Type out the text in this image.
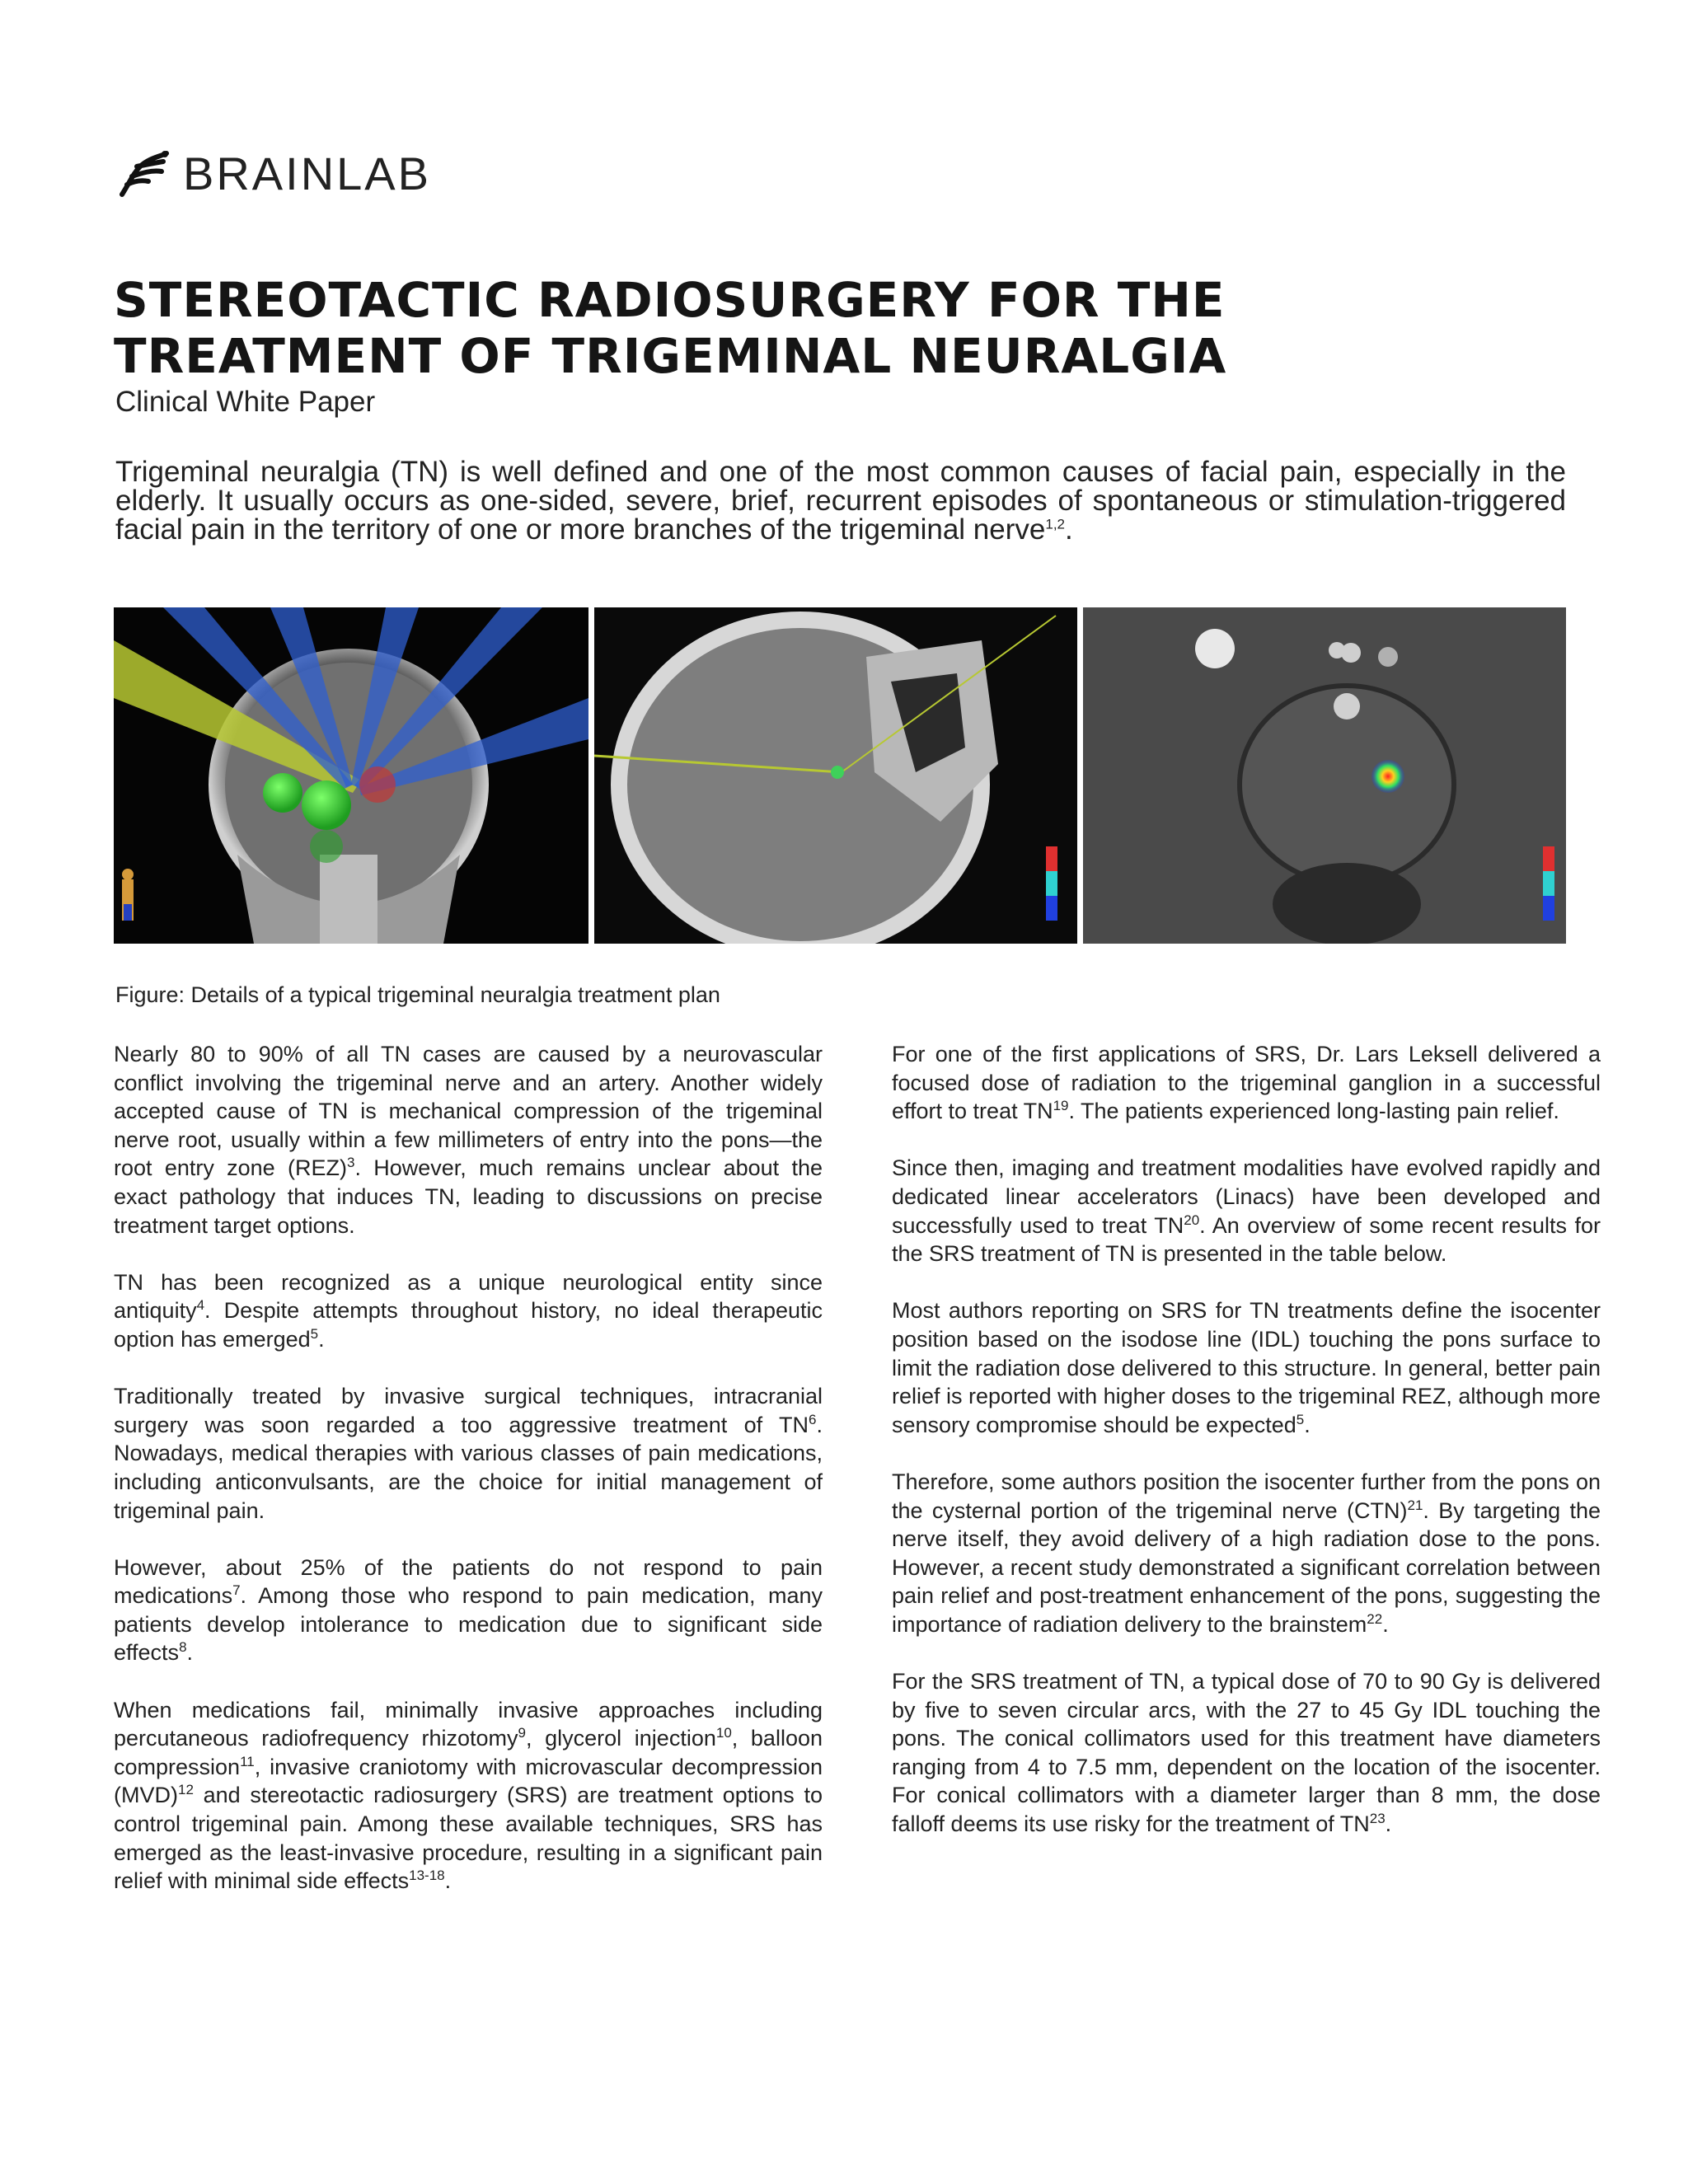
BRAINLAB
STEREOTACTIC RADIOSURGERY FOR THE
TREATMENT OF TRIGEMINAL NEURALGIA
Clinical White Paper

Trigeminal neuralgia (TN) is well defined and one of the most common causes of facial pain, especially in the elderly. It usually occurs as one-sided, severe, brief, recurrent episodes of spontaneous or stimulation-triggered facial pain in the territory of one or more branches of the trigeminal nerve$^{1,2}$.

Figure: Details of a typical trigeminal neuralgia treatment plan

Nearly 80 to 90% of all TN cases are caused by a neurovascular conflict involving the trigeminal nerve and an artery. Another widely accepted cause of TN is mechanical compression of the trigeminal nerve root, usually within a few millimeters of entry into the pons—the root entry zone (REZ)$^3$. However, much remains unclear about the exact pathology that induces TN, leading to discussions on precise treatment target options.

TN has been recognized as a unique neurological entity since antiquity$^4$. Despite attempts throughout history, no ideal therapeutic option has emerged$^5$.

Traditionally treated by invasive surgical techniques, intracranial surgery was soon regarded a too aggressive treatment of $TN^6$. Nowadays, medical therapies with various classes of pain medications, including anticonvulsants, are the choice for initial management of trigeminal pain.

However, about 25% of the patients do not respond to pain medications$^7$. Among those who respond to pain medication, many patients develop intolerance to medication due to significant side effects$^8$.

When medications fail, minimally invasive approaches including percutaneous radiofrequency rhizotomy$^9$, glycerol injection$^{10}$, balloon compression$^{11}$, invasive craniotomy with microvascular decompression (MVD)$^{12}$ and stereotactic radiosurgery (SRS) are treatment options to control trigeminal pain. Among these available techniques, SRS has emerged as the least-invasive procedure, resulting in a significant pain relief with minimal side effects$^{13-18}$.

For one of the first applications of SRS, Dr. Lars Leksell delivered a focused dose of radiation to the trigeminal ganglion in a successful effort to treat TN$^{19}$. The patients experienced long-lasting pain relief.

Since then, imaging and treatment modalities have evolved rapidly and dedicated linear accelerators (Linacs) have been developed and successfully used to treat TN$^{20}$. An overview of some recent results for the SRS treatment of TN is presented in the table below.

Most authors reporting on SRS for TN treatments define the isocenter position based on the isodose line (IDL) touching the pons surface to limit the radiation dose delivered to this structure. In general, better pain relief is reported with higher doses to the trigeminal REZ, although more sensory compromise should be expected$^5$.

Therefore, some authors position the isocenter further from the pons on the cysternal portion of the trigeminal nerve (CTN)$^{21}$. By targeting the nerve itself, they avoid delivery of a high radiation dose to the pons. However, a recent study demonstrated a significant correlation between pain relief and post-treatment enhancement of the pons, suggesting the importance of radiation delivery to the brainstem$^{22}$.

For the SRS treatment of TN, a typical dose of 70 to 90 Gy is delivered by five to seven circular arcs, with the 27 to 45 Gy IDL touching the pons. The conical collimators used for this treatment have diameters ranging from 4 to 7.5 mm, dependent on the location of the isocenter. For conical collimators with a diameter larger than 8 mm, the dose falloff deems its use risky for the treatment of TN$^{23}$.
